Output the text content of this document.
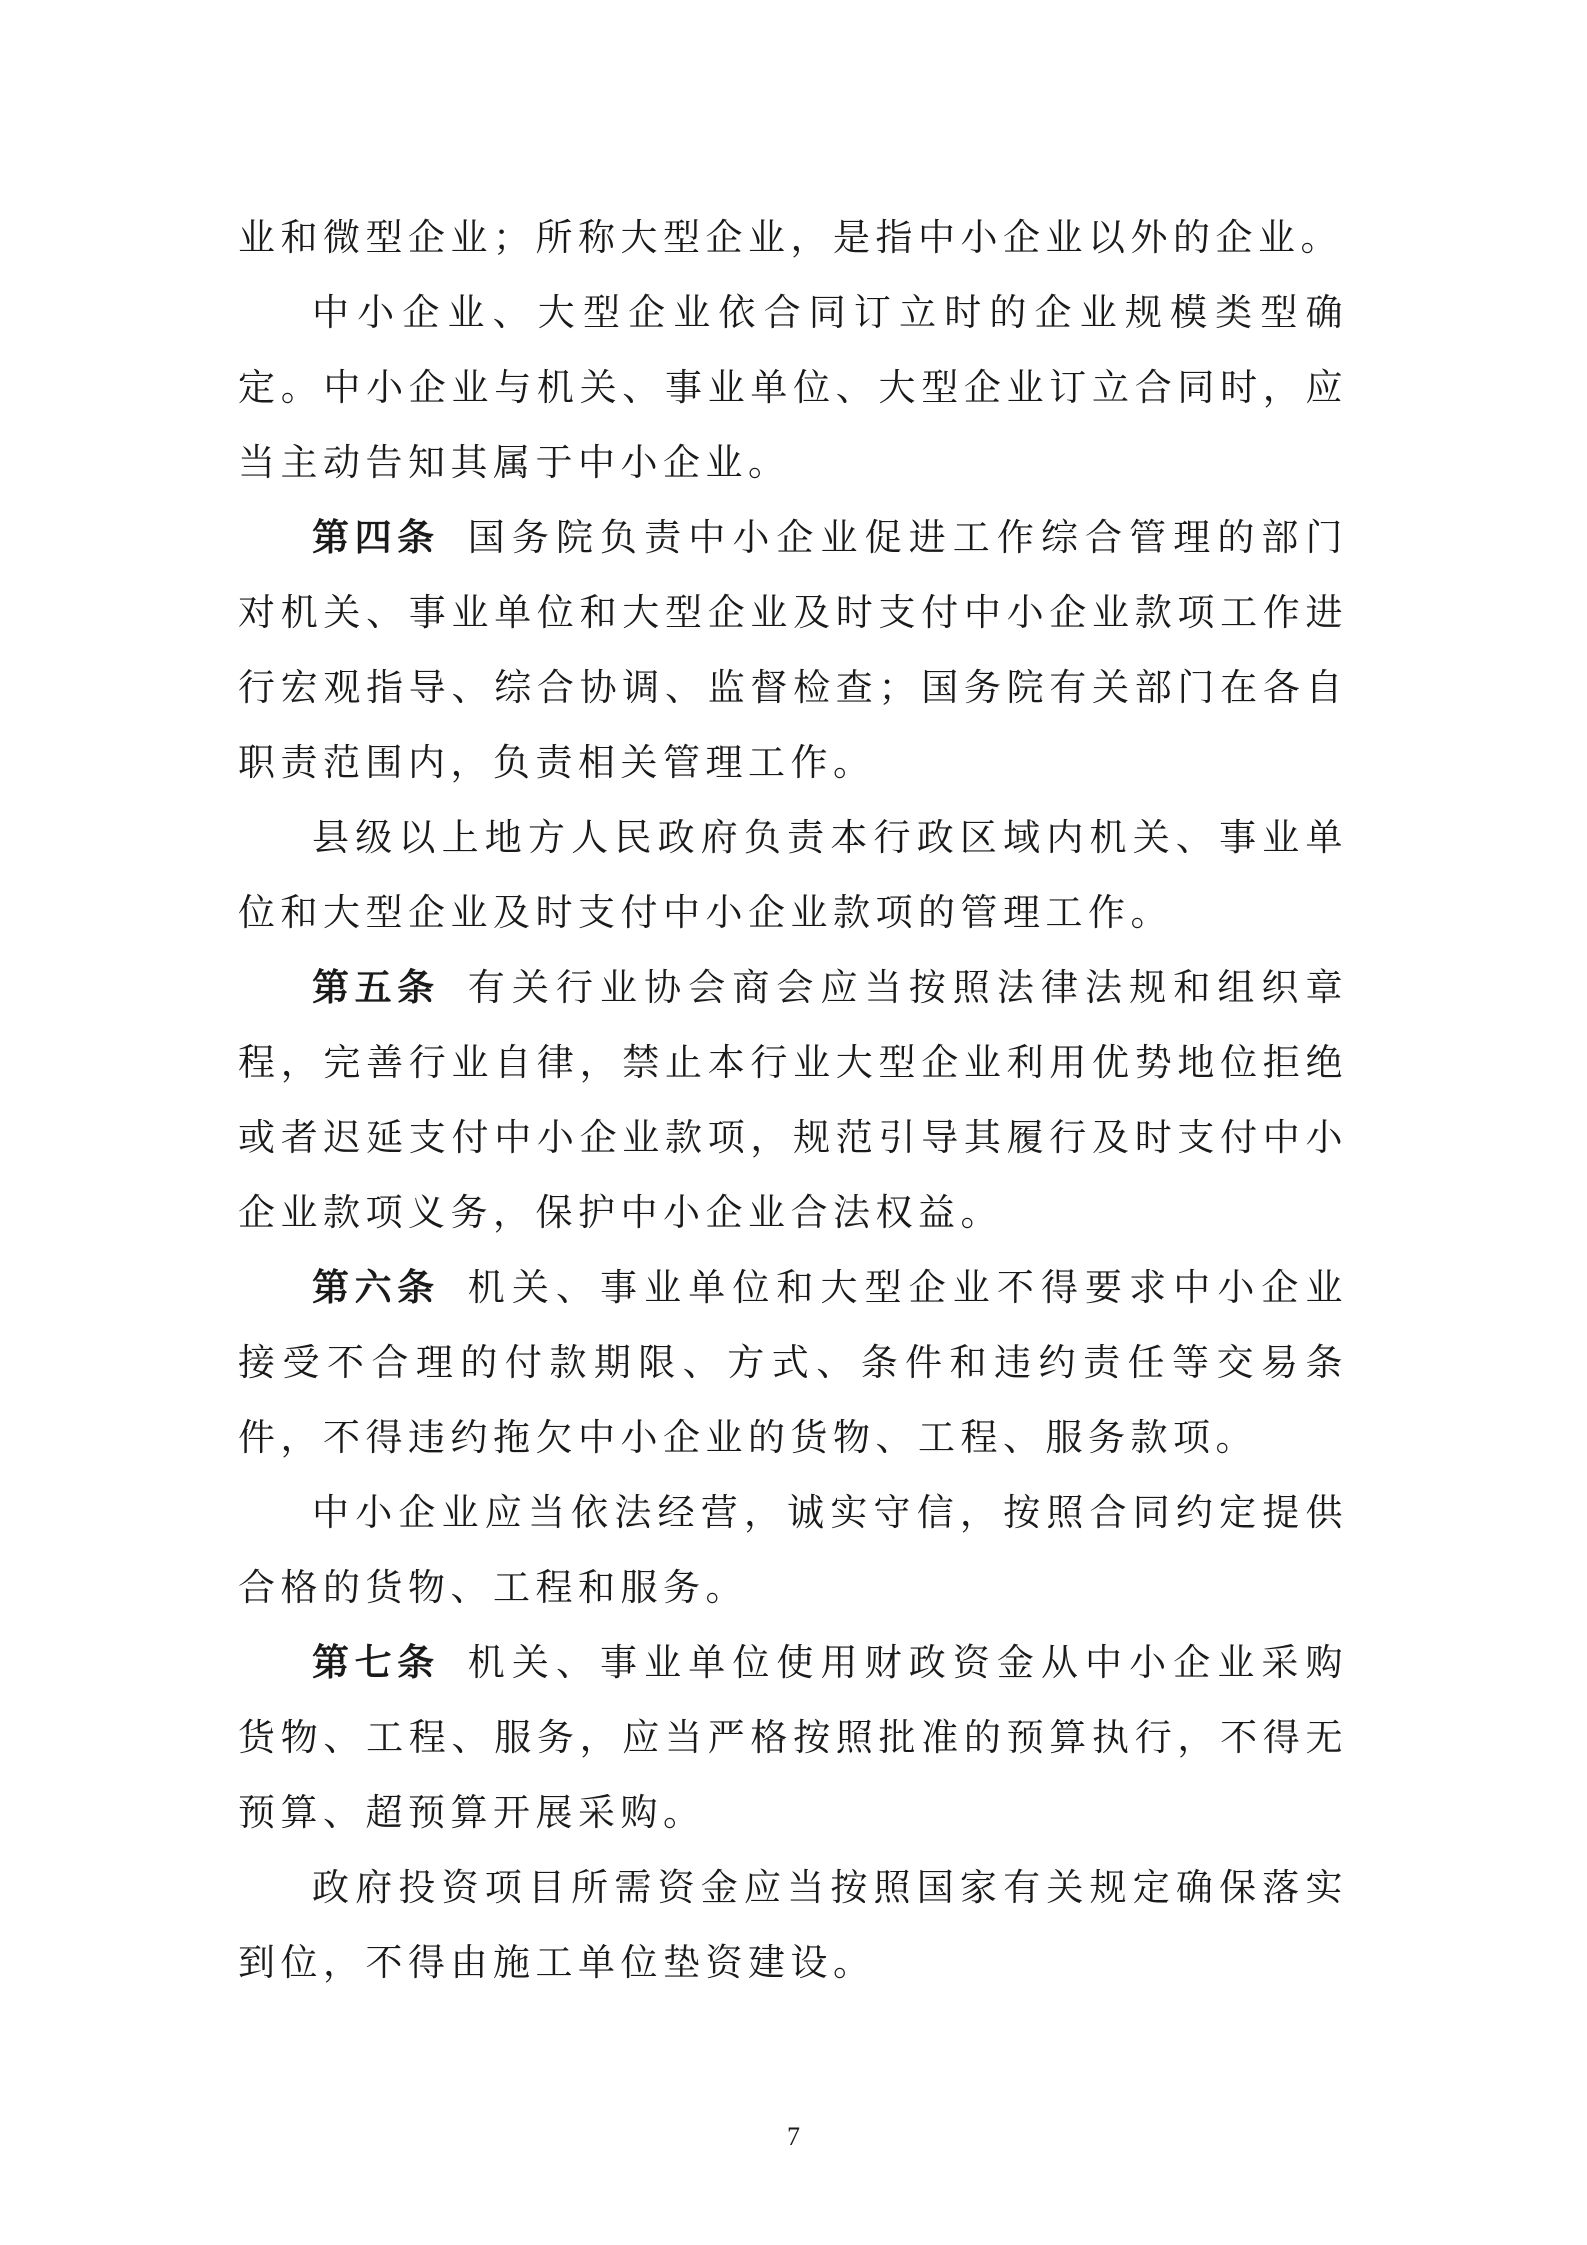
业和微型企业；所称大型企业，是指中小企业以外的企业。

中小企业、大型企业依合同订立时的企业规模类型确定。中小企业与机关、事业单位、大型企业订立合同时，应当主动告知其属于中小企业。

第四条 国务院负责中小企业促进工作综合管理的部门对机关、事业单位和大型企业及时支付中小企业款项工作进行宏观指导、综合协调、监督检查；国务院有关部门在各自职责范围内，负责相关管理工作。

县级以上地方人民政府负责本行政区域内机关、事业单位和大型企业及时支付中小企业款项的管理工作。

第五条 有关行业协会商会应当按照法律法规和组织章程，完善行业自律，禁止本行业大型企业利用优势地位拒绝或者迟延支付中小企业款项，规范引导其履行及时支付中小企业款项义务，保护中小企业合法权益。

第六条 机关、事业单位和大型企业不得要求中小企业接受不合理的付款期限、方式、条件和违约责任等交易条件，不得违约拖欠中小企业的货物、工程、服务款项。

中小企业应当依法经营，诚实守信，按照合同约定提供合格的货物、工程和服务。

第七条 机关、事业单位使用财政资金从中小企业采购货物、工程、服务，应当严格按照批准的预算执行，不得无预算、超预算开展采购。

政府投资项目所需资金应当按照国家有关规定确保落实到位，不得由施工单位垫资建设。

7
